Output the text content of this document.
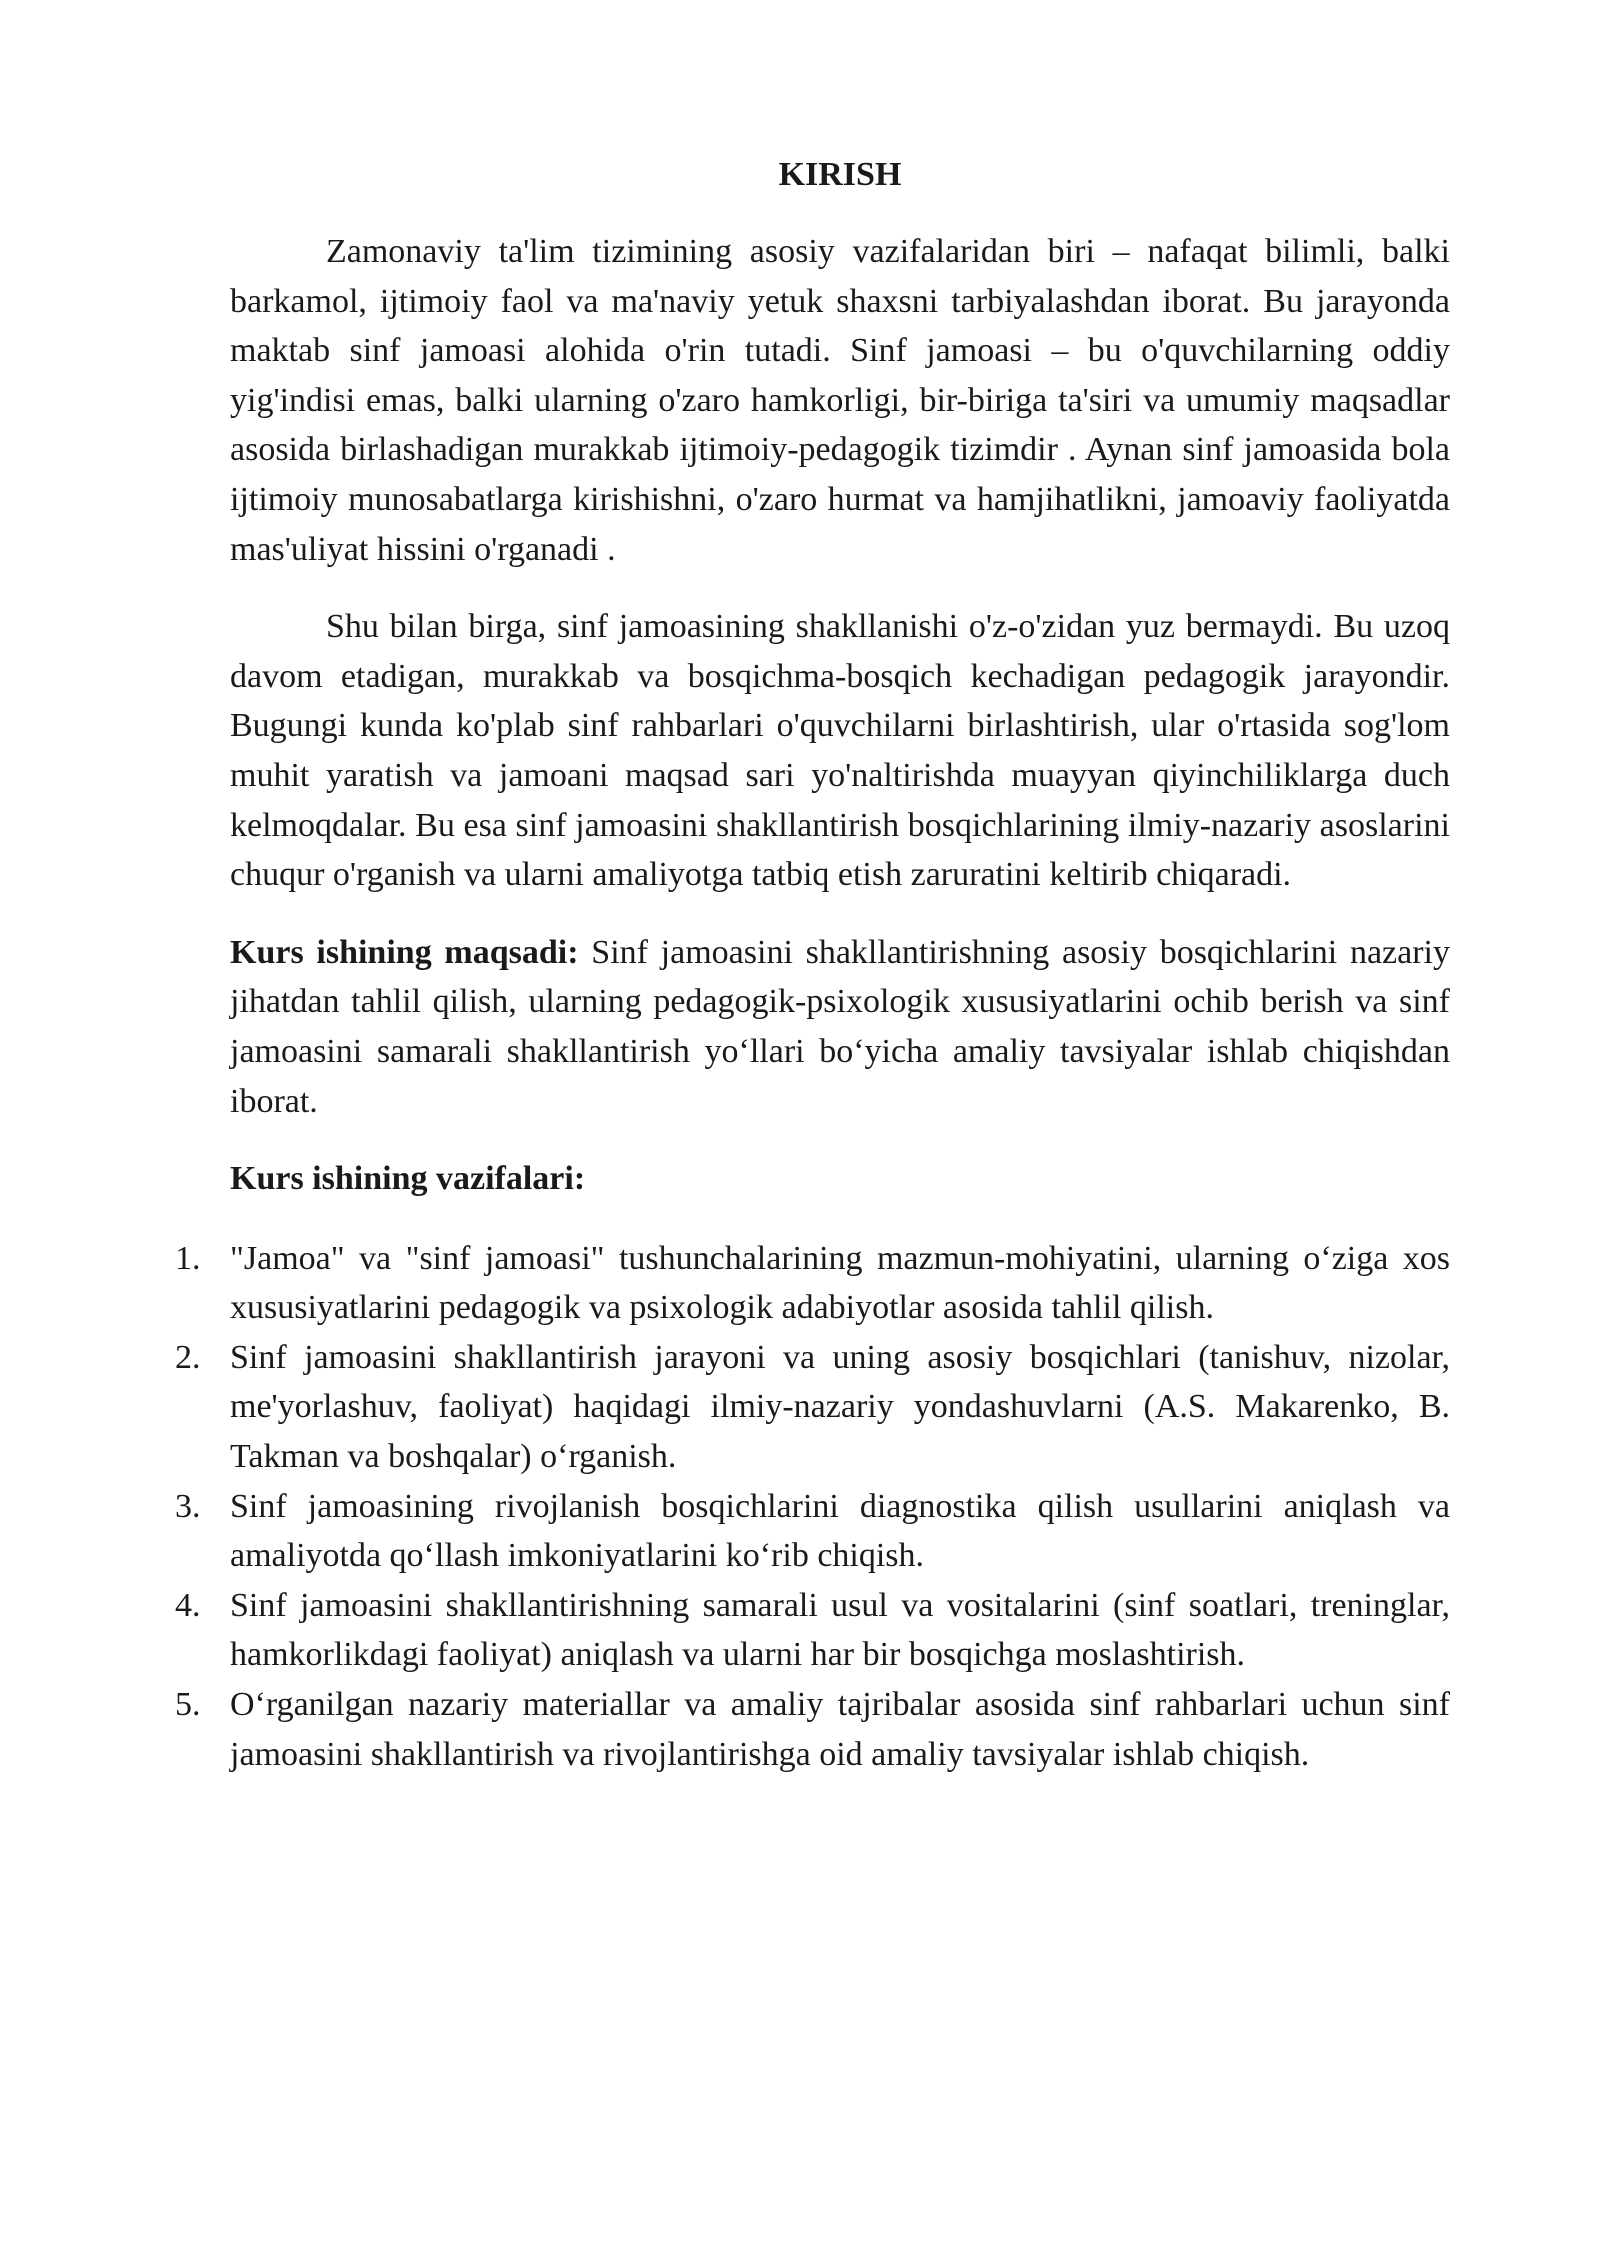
KIRISH

Zamonaviy ta'lim tizimining asosiy vazifalaridan biri – nafaqat bilimli, balki barkamol, ijtimoiy faol va ma'naviy yetuk shaxsni tarbiyalashdan iborat. Bu jarayonda maktab sinf jamoasi alohida o'rin tutadi. Sinf jamoasi – bu o'quvchilarning oddiy yig'indisi emas, balki ularning o'zaro hamkorligi, bir-biriga ta'siri va umumiy maqsadlar asosida birlashadigan murakkab ijtimoiy-pedagogik tizimdir . Aynan sinf jamoasida bola ijtimoiy munosabatlarga kirishishni, o'zaro hurmat va hamjihatlikni, jamoaviy faoliyatda mas'uliyat hissini o'rganadi .

Shu bilan birga, sinf jamoasining shakllanishi o'z-o'zidan yuz bermaydi. Bu uzoq davom etadigan, murakkab va bosqichma-bosqich kechadigan pedagogik jarayondir. Bugungi kunda ko'plab sinf rahbarlari o'quvchilarni birlashtirish, ular o'rtasida sog'lom muhit yaratish va jamoani maqsad sari yo'naltirishda muayyan qiyinchiliklarga duch kelmoqdalar. Bu esa sinf jamoasini shakllantirish bosqichlarining ilmiy-nazariy asoslarini chuqur o'rganish va ularni amaliyotga tatbiq etish zaruratini keltirib chiqaradi.

Kurs ishining maqsadi: Sinf jamoasini shakllantirishning asosiy bosqichlarini nazariy jihatdan tahlil qilish, ularning pedagogik-psixologik xususiyatlarini ochib berish va sinf jamoasini samarali shakllantirish yo‘llari bo‘yicha amaliy tavsiyalar ishlab chiqishdan iborat.

Kurs ishining vazifalari:
1. "Jamoa" va "sinf jamoasi" tushunchalarining mazmun-mohiyatini, ularning o‘ziga xos xususiyatlarini pedagogik va psixologik adabiyotlar asosida tahlil qilish.
2. Sinf jamoasini shakllantirish jarayoni va uning asosiy bosqichlari (tanishuv, nizolar, me'yorlashuv, faoliyat) haqidagi ilmiy-nazariy yondashuvlarni (A.S. Makarenko, B. Takman va boshqalar) o‘rganish.
3. Sinf jamoasining rivojlanish bosqichlarini diagnostika qilish usullarini aniqlash va amaliyotda qo‘llash imkoniyatlarini ko‘rib chiqish.
4. Sinf jamoasini shakllantirishning samarali usul va vositalarini (sinf soatlari, treninglar, hamkorlikdagi faoliyat) aniqlash va ularni har bir bosqichga moslashtirish.
5. O‘rganilgan nazariy materiallar va amaliy tajribalar asosida sinf rahbarlari uchun sinf jamoasini shakllantirish va rivojlantirishga oid amaliy tavsiyalar ishlab chiqish.
